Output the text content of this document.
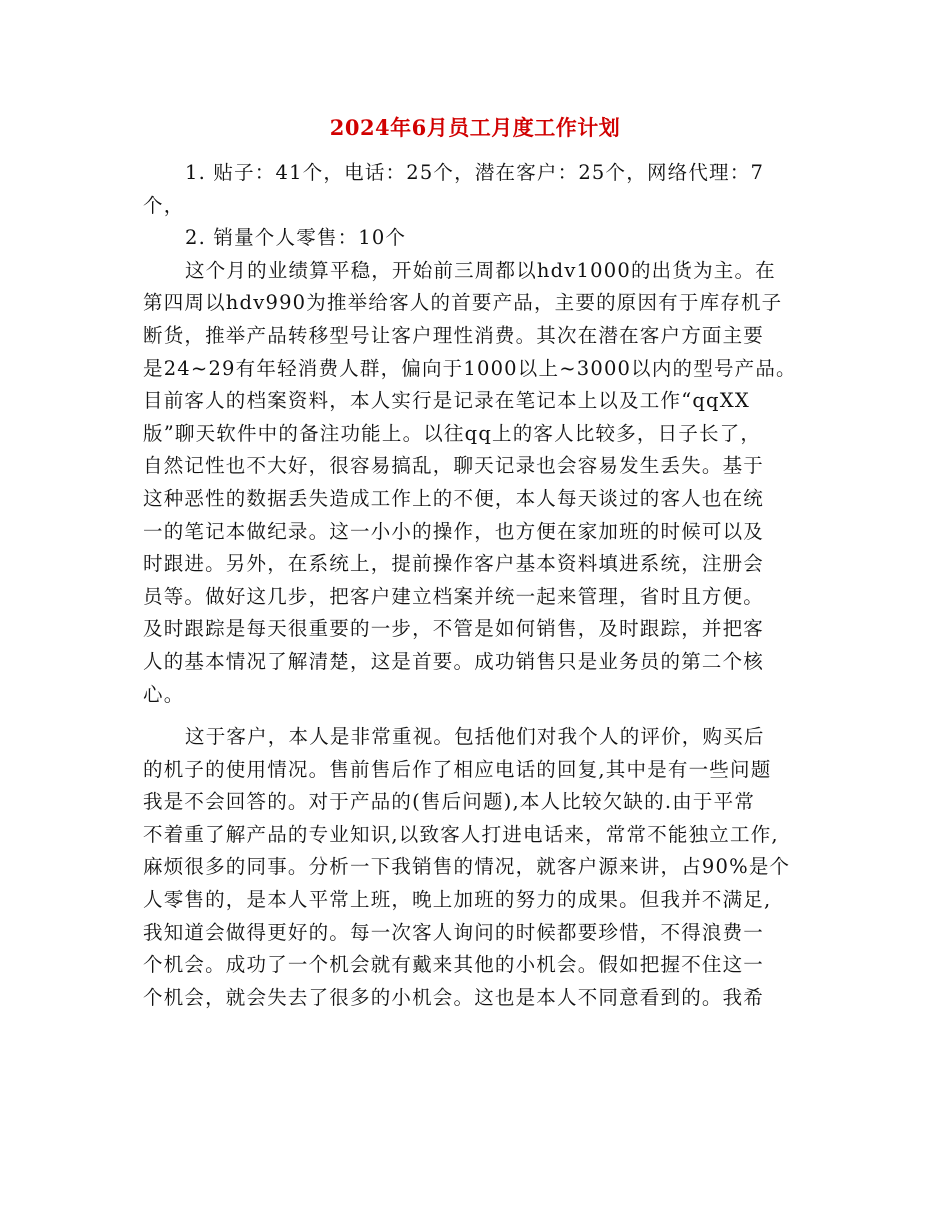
2024年6月员工月度工作计划
1. 贴子：41个，电话：25个，潜在客户：25个，网络代理：7
个，
2. 销量个人零售：10个
这个月的业绩算平稳，开始前三周都以hdv1000的出货为主。在
第四周以hdv990为推举给客人的首要产品，主要的原因有于库存机子
断货，推举产品转移型号让客户理性消费。其次在潜在客户方面主要
是24~29有年轻消费人群，偏向于1000以上~3000以内的型号产品。
目前客人的档案资料，本人实行是记录在笔记本上以及工作“qqXX
版”聊天软件中的备注功能上。以往qq上的客人比较多，日子长了，
自然记性也不大好，很容易搞乱，聊天记录也会容易发生丢失。基于
这种恶性的数据丢失造成工作上的不便，本人每天谈过的客人也在统
一的笔记本做纪录。这一小小的操作，也方便在家加班的时候可以及
时跟进。另外，在系统上，提前操作客户基本资料填进系统，注册会
员等。做好这几步，把客户建立档案并统一起来管理，省时且方便。
及时跟踪是每天很重要的一步，不管是如何销售，及时跟踪，并把客
人的基本情况了解清楚，这是首要。成功销售只是业务员的第二个核
心。
这于客户，本人是非常重视。包括他们对我个人的评价，购买后
的机子的使用情况。售前售后作了相应电话的回复,其中是有一些问题
我是不会回答的。对于产品的(售后问题),本人比较欠缺的.由于平常
不着重了解产品的专业知识,以致客人打进电话来，常常不能独立工作,
麻烦很多的同事。分析一下我销售的情况，就客户源来讲，占90%是个
人零售的，是本人平常上班，晚上加班的努力的成果。但我并不满足,
我知道会做得更好的。每一次客人询问的时候都要珍惜，不得浪费一
个机会。成功了一个机会就有戴来其他的小机会。假如把握不住这一
个机会，就会失去了很多的小机会。这也是本人不同意看到的。我希
